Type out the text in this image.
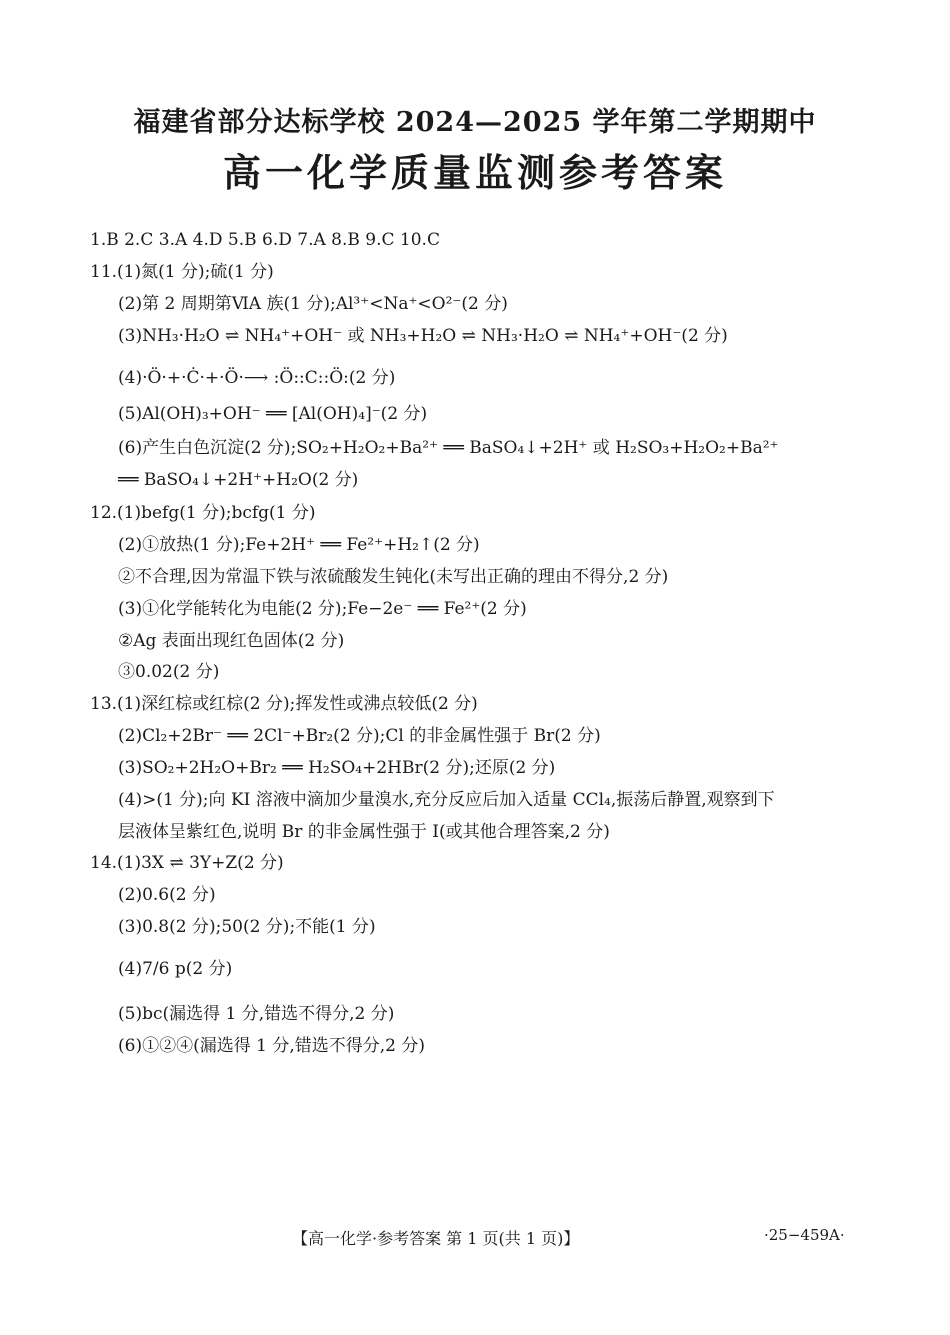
福建省部分达标学校 2024—2025 学年第二学期期中
高一化学质量监测参考答案
1.B 2.C 3.A 4.D 5.B 6.D 7.A 8.B 9.C 10.C
11.(1)氮(1 分);硫(1 分)
(2)第 2 周期第ⅥA 族(1 分);Al³⁺<Na⁺<O²⁻(2 分)
(3)NH₃·H₂O ⇌ NH₄⁺+OH⁻ 或 NH₃+H₂O ⇌ NH₃·H₂O ⇌ NH₄⁺+OH⁻(2 分)
(4)·Ö·+·Ċ·+·Ö·⟶ :Ö::C::Ö:(2 分)
(5)Al(OH)₃+OH⁻ ══ [Al(OH)₄]⁻(2 分)
(6)产生白色沉淀(2 分);SO₂+H₂O₂+Ba²⁺ ══ BaSO₄↓+2H⁺ 或 H₂SO₃+H₂O₂+Ba²⁺
══ BaSO₄↓+2H⁺+H₂O(2 分)
12.(1)befg(1 分);bcfg(1 分)
(2)①放热(1 分);Fe+2H⁺ ══ Fe²⁺+H₂↑(2 分)
②不合理,因为常温下铁与浓硫酸发生钝化(未写出正确的理由不得分,2 分)
(3)①化学能转化为电能(2 分);Fe−2e⁻ ══ Fe²⁺(2 分)
②Ag 表面出现红色固体(2 分)
③0.02(2 分)
13.(1)深红棕或红棕(2 分);挥发性或沸点较低(2 分)
(2)Cl₂+2Br⁻ ══ 2Cl⁻+Br₂(2 分);Cl 的非金属性强于 Br(2 分)
(3)SO₂+2H₂O+Br₂ ══ H₂SO₄+2HBr(2 分);还原(2 分)
(4)>(1 分);向 KI 溶液中滴加少量溴水,充分反应后加入适量 CCl₄,振荡后静置,观察到下
层液体呈紫红色,说明 Br 的非金属性强于 I(或其他合理答案,2 分)
14.(1)3X ⇌ 3Y+Z(2 分)
(2)0.6(2 分)
(3)0.8(2 分);50(2 分);不能(1 分)
(4)7/6 p(2 分)
(5)bc(漏选得 1 分,错选不得分,2 分)
(6)①②④(漏选得 1 分,错选不得分,2 分)
【高一化学·参考答案 第 1 页(共 1 页)】	·25−459A·
